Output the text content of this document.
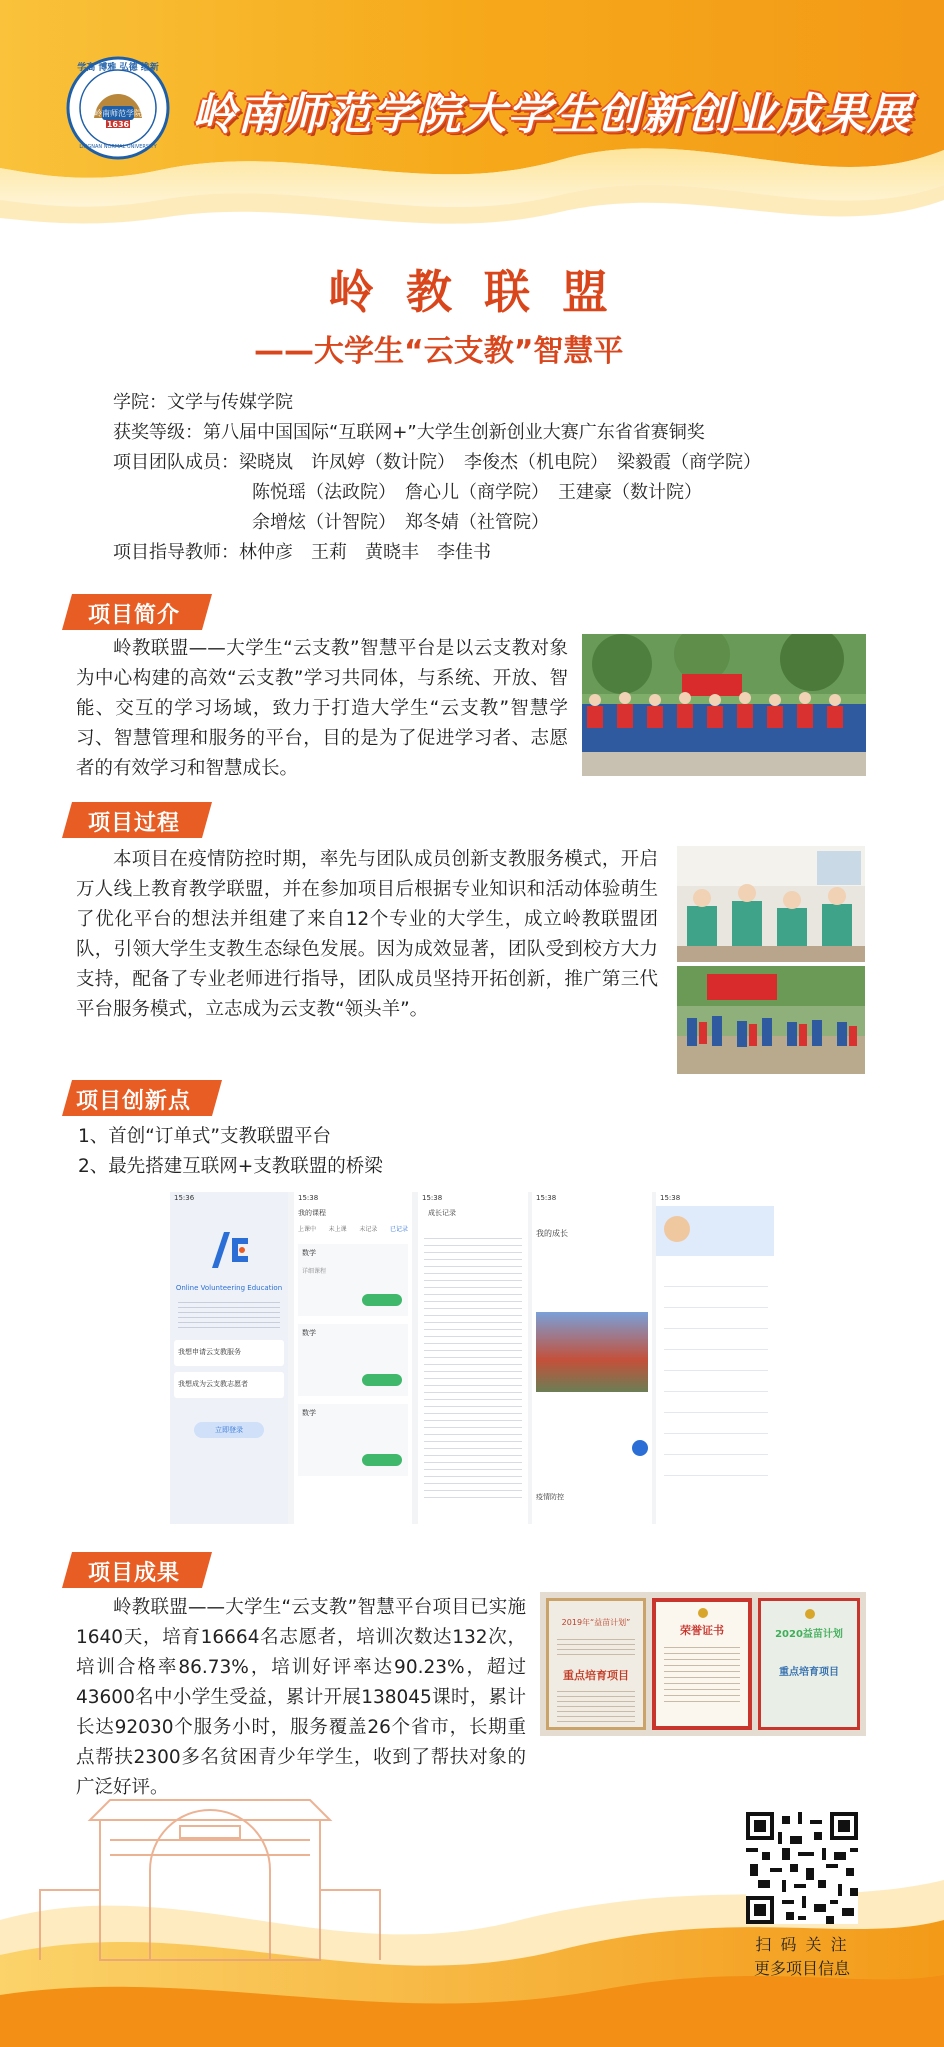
学高 博雅 弘德 维新
岭南师范学院
1636
LINGNAN NORMAL UNIVERSITY
岭南师范学院大学生创新创业成果展
岭 教 联 盟
——大学生“云支教”智慧平
学院：文学与传媒学院
获奖等级：第八届中国国际“互联网+”大学生创新创业大赛广东省省赛铜奖
项目团队成员：梁晓岚　许凤婷（数计院）　李俊杰（机电院）　梁毅霞（商学院）
陈悦瑶（法政院）　詹心儿（商学院）　王建豪（数计院）
余增炫（计智院）　郑冬婧（社管院）
项目指导教师：林仲彦　王莉　黄晓丰　李佳书
项目简介
岭教联盟——大学生“云支教”智慧平台是以云支教对象为中心构建的高效“云支教”学习共同体，与系统、开放、智能、交互的学习场域，致力于打造大学生“云支教”智慧学习、智慧管理和服务的平台，目的是为了促进学习者、志愿者的有效学习和智慧成长。
项目过程
本项目在疫情防控时期，率先与团队成员创新支教服务模式，开启万人线上教育教学联盟，并在参加项目后根据专业知识和活动体验萌生了优化平台的想法并组建了来自12个专业的大学生，成立岭教联盟团队，引领大学生支教生态绿色发展。因为成效显著，团队受到校方大力支持，配备了专业老师进行指导，团队成员坚持开拓创新，推广第三代平台服务模式，立志成为云支教“领头羊”。
项目创新点
1、首创“订单式”支教联盟平台
2、最先搭建互联网+支教联盟的桥梁
15:36
Online Volunteering Education
我想申请云支教服务
我想成为云支教志愿者
立即登录
15:38
我的课程
上课中 未上课 未记录 已记录
数学
详细课程
数学
数学
15:38
成长记录
15:38
我的成长
疫情防控
15:38
项目成果
岭教联盟——大学生“云支教”智慧平台项目已实施1640天，培育16664名志愿者，培训次数达132次，培训合格率86.73%，培训好评率达90.23%，超过43600名中小学生受益，累计开展138045课时，累计长达92030个服务小时，服务覆盖26个省市，长期重点帮扶2300多名贫困青少年学生，收到了帮扶对象的广泛好评。
2019年“益苗计划”
重点培育项目
荣誉证书	2020益苗计划
重点培育项目
扫 码 关 注
更多项目信息
